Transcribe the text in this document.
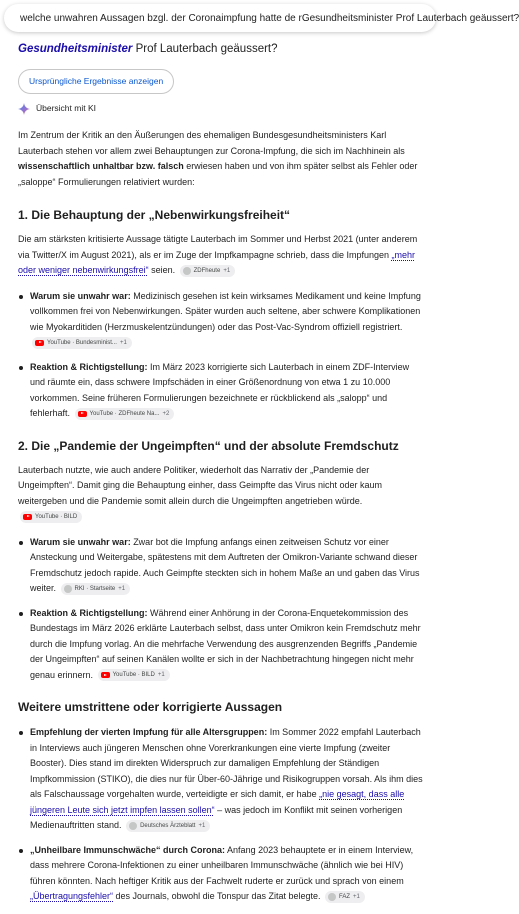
welche unwahren Aussagen bzgl. der Coronaimpfung hatte de rGesundheitsminister Prof Lauterbach geäussert?
Gesundheitsminister Prof Lauterbach geäussert?
Ursprüngliche Ergebnisse anzeigen
Übersicht mit KI

Im Zentrum der Kritik an den Äußerungen des ehemaligen Bundesgesundheitsministers Karl Lauterbach stehen vor allem zwei Behauptungen zur Corona-Impfung, die sich im Nachhinein als wissenschaftlich unhaltbar bzw. falsch erwiesen haben und von ihm später selbst als Fehler oder „saloppe“ Formulierungen relativiert wurden:

1. Die Behauptung der „Nebenwirkungsfreiheit“

Die am stärksten kritisierte Aussage tätigte Lauterbach im Sommer und Herbst 2021 (unter anderem via Twitter/X im August 2021), als er im Zuge der Impfkampagne schrieb, dass die Impfungen „mehr oder weniger nebenwirkungsfrei“ seien.	ZDFheute +1

Warum sie unwahr war: Medizinisch gesehen ist kein wirksames Medikament und keine Impfung vollkommen frei von Nebenwirkungen. Später wurden auch seltene, aber schwere Komplikationen wie Myokarditiden (Herzmuskelentzündungen) oder das Post-Vac-Syndrom offiziell registriert.
YouTube · Bundesminist... +1
Reaktion & Richtigstellung: Im März 2023 korrigierte sich Lauterbach in einem ZDF-Interview und räumte ein, dass schwere Impfschäden in einer Größenordnung von etwa 1 zu 10.000 vorkommen. Seine früheren Formulierungen bezeichnete er rückblickend als „salopp“ und fehlerhaft.	YouTube · ZDFheute Na... +2
2. Die „Pandemie der Ungeimpften“ und der absolute Fremdschutz

Lauterbach nutzte, wie auch andere Politiker, wiederholt das Narrativ der „Pandemie der Ungeimpften“. Damit ging die Behauptung einher, dass Geimpfte das Virus nicht oder kaum weitergeben und die Pandemie somit allein durch die Ungeimpften angetrieben würde.
YouTube · BILD

Warum sie unwahr war: Zwar bot die Impfung anfangs einen zeitweisen Schutz vor einer Ansteckung und Weitergabe, spätestens mit dem Auftreten der Omikron-Variante schwand dieser Fremdschutz jedoch rapide. Auch Geimpfte steckten sich in hohem Maße an und gaben das Virus weiter.	RKI · Startseite +1
Reaktion & Richtigstellung: Während einer Anhörung in der Corona-Enquetekommission des Bundestags im März 2026 erklärte Lauterbach selbst, dass unter Omikron kein Fremdschutz mehr durch die Impfung vorlag. An die mehrfache Verwendung des ausgrenzenden Begriffs „Pandemie der Ungeimpften“ auf seinen Kanälen wollte er sich in der Nachbetrachtung hingegen nicht mehr genau erinnern.	YouTube · BILD +1
Weitere umstrittene oder korrigierte Aussagen
Empfehlung der vierten Impfung für alle Altersgruppen: Im Sommer 2022 empfahl Lauterbach in Interviews auch jüngeren Menschen ohne Vorerkrankungen eine vierte Impfung (zweiter Booster). Dies stand im direkten Widerspruch zur damaligen Empfehlung der Ständigen Impfkommission (STIKO), die dies nur für Über-60-Jährige und Risikogruppen vorsah. Als ihm dies als Falschaussage vorgehalten wurde, verteidigte er sich damit, er habe „nie gesagt, dass alle jüngeren Leute sich jetzt impfen lassen sollen“ – was jedoch im Konflikt mit seinen vorherigen Medienauftritten stand.	Deutsches Ärzteblatt +1
„Unheilbare Immunschwäche“ durch Corona: Anfang 2023 behauptete er in einem Interview, dass mehrere Corona-Infektionen zu einer unheilbaren Immunschwäche (ähnlich wie bei HIV) führen könnten. Nach heftiger Kritik aus der Fachwelt ruderte er zurück und sprach von einem „Übertragungsfehler“ des Journals, obwohl die Tonspur das Zitat belegte.	FAZ +1
